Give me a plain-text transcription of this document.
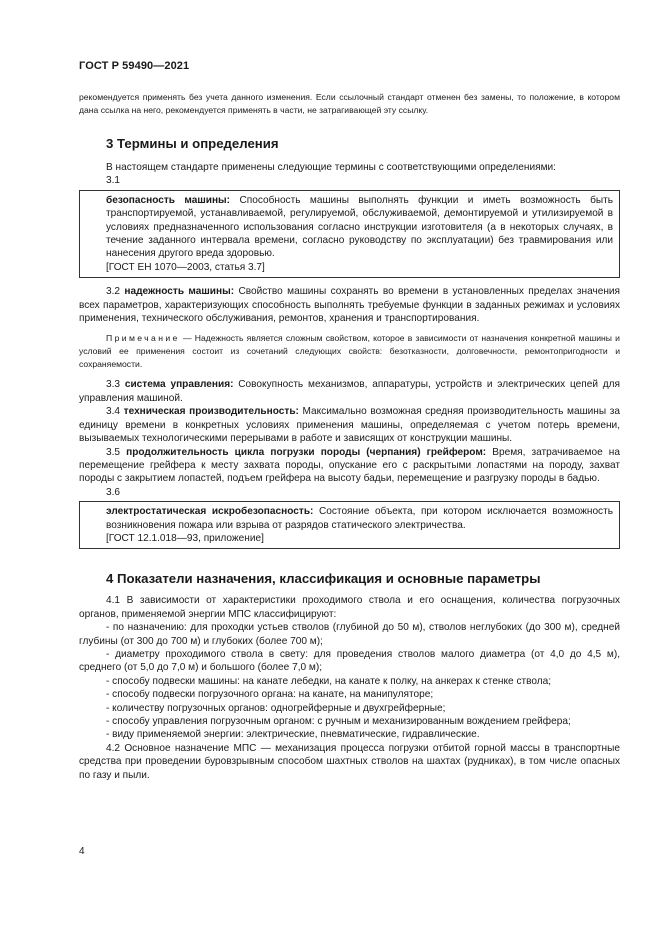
ГОСТ Р 59490—2021

рекомендуется применять без учета данного изменения. Если ссылочный стандарт отменен без замены, то положение, в котором дана ссылка на него, рекомендуется применять в части, не затрагивающей эту ссылку.

3 Термины и определения

В настоящем стандарте применены следующие термины с соответствующими определениями:

3.1

безопасность машины: Способность машины выполнять функции и иметь возможность быть транспортируемой, устанавливаемой, регулируемой, обслуживаемой, демонтируемой и утилизируемой в условиях предназначенного использования согласно инструкции изготовителя (а в некоторых случаях, в течение заданного интервала времени, согласно руководству по эксплуатации) без травмирования или нанесения другого вреда здоровью.

[ГОСТ ЕН 1070—2003, статья 3.7]

3.2 надежность машины: Свойство машины сохранять во времени в установленных пределах значения всех параметров, характеризующих способность выполнять требуемые функции в заданных режимах и условиях применения, технического обслуживания, ремонтов, хранения и транспортирования.

Примечание — Надежность является сложным свойством, которое в зависимости от назначения конкретной машины и условий ее применения состоит из сочетаний следующих свойств: безотказности, долговечности, ремонтопригодности и сохраняемости.

3.3 система управления: Совокупность механизмов, аппаратуры, устройств и электрических цепей для управления машиной.

3.4 техническая производительность: Максимально возможная средняя производительность машины за единицу времени в конкретных условиях применения машины, определяемая с учетом потерь времени, вызываемых технологическими перерывами в работе и зависящих от конструкции машины.

3.5 продолжительность цикла погрузки породы (черпания) грейфером: Время, затрачиваемое на перемещение грейфера к месту захвата породы, опускание его с раскрытыми лопастями на породу, захват породы с закрытием лопастей, подъем грейфера на высоту бадьи, перемещение и разгрузку породы в бадью.

3.6

электростатическая искробезопасность: Состояние объекта, при котором исключается возможность возникновения пожара или взрыва от разрядов статического электричества.

[ГОСТ 12.1.018—93, приложение]

4 Показатели назначения, классификация и основные параметры

4.1 В зависимости от характеристики проходимого ствола и его оснащения, количества погрузочных органов, применяемой энергии МПС классифицируют:

- по назначению: для проходки устьев стволов (глубиной до 50 м), стволов неглубоких (до 300 м), средней глубины (от 300 до 700 м) и глубоких (более 700 м);

- диаметру проходимого ствола в свету: для проведения стволов малого диаметра (от 4,0 до 4,5 м), среднего (от 5,0 до 7,0 м) и большого (более 7,0 м);

- способу подвески машины: на канате лебедки, на канате к полку, на анкерах к стенке ствола;

- способу подвески погрузочного органа: на канате, на манипуляторе;

- количеству погрузочных органов: одногрейферные и двухгрейферные;

- способу управления погрузочным органом: с ручным и механизированным вождением грейфера;

- виду применяемой энергии: электрические, пневматические, гидравлические.

4.2 Основное назначение МПС — механизация процесса погрузки отбитой горной массы в транспортные средства при проведении буровзрывным способом шахтных стволов на шахтах (рудниках), в том числе опасных по газу и пыли.

4
